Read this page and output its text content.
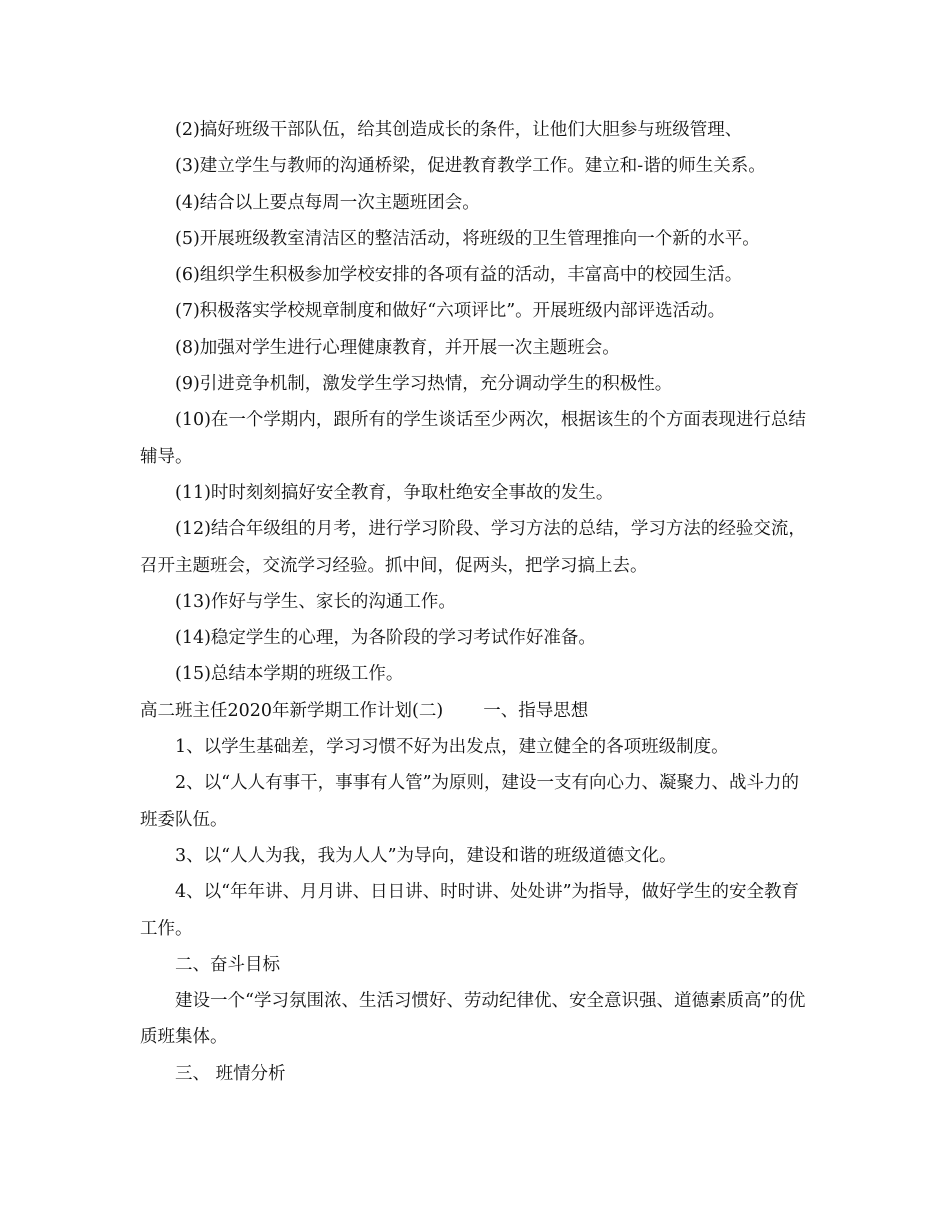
(2)搞好班级干部队伍，给其创造成长的条件，让他们大胆参与班级管理、

(3)建立学生与教师的沟通桥梁，促进教育教学工作。建立和-谐的师生关系。

(4)结合以上要点每周一次主题班团会。

(5)开展班级教室清洁区的整洁活动，将班级的卫生管理推向一个新的水平。

(6)组织学生积极参加学校安排的各项有益的活动，丰富高中的校园生活。

(7)积极落实学校规章制度和做好“六项评比”。开展班级内部评选活动。

(8)加强对学生进行心理健康教育，并开展一次主题班会。

(9)引进竞争机制，激发学生学习热情，充分调动学生的积极性。

(10)在一个学期内，跟所有的学生谈话至少两次，根据该生的个方面表现进行总结辅导。

(11)时时刻刻搞好安全教育，争取杜绝安全事故的发生。

(12)结合年级组的月考，进行学习阶段、学习方法的总结，学习方法的经验交流，召开主题班会，交流学习经验。抓中间，促两头，把学习搞上去。

(13)作好与学生、家长的沟通工作。

(14)稳定学生的心理，为各阶段的学习考试作好准备。

(15)总结本学期的班级工作。

高二班主任2020年新学期工作计划(二) 一、指导思想

1、以学生基础差，学习习惯不好为出发点，建立健全的各项班级制度。

2、以“人人有事干，事事有人管”为原则，建设一支有向心力、凝聚力、战斗力的班委队伍。

3、以“人人为我，我为人人”为导向，建设和谐的班级道德文化。

4、以“年年讲、月月讲、日日讲、时时讲、处处讲”为指导，做好学生的安全教育工作。

二、奋斗目标

建设一个“学习氛围浓、生活习惯好、劳动纪律优、安全意识强、道德素质高”的优质班集体。

三、 班情分析
